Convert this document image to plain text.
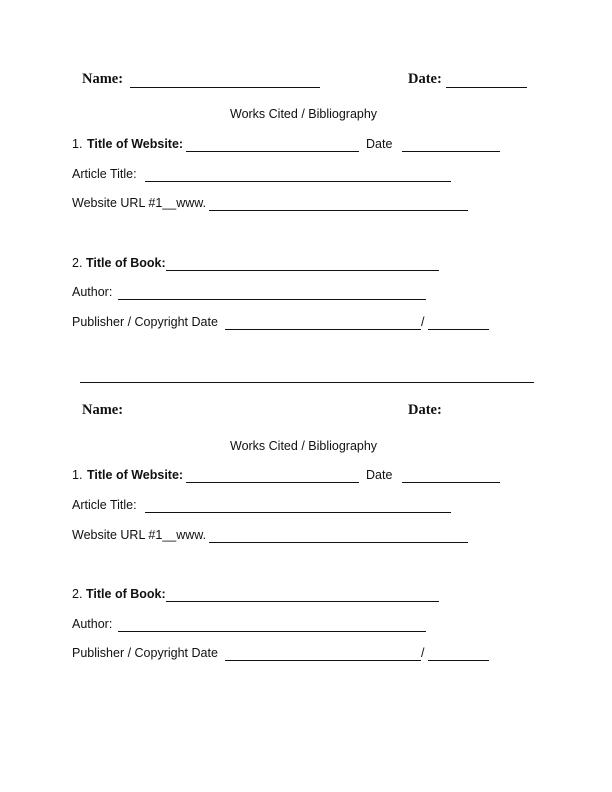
Name:	Date:
Works Cited / Bibliography
1. Title of Website:	Date
Article Title:
Website URL #1__www.
2. Title of Book:
Author:
Publisher / Copyright Date	/
Name:	Date:
Works Cited / Bibliography
1. Title of Website:	Date
Article Title:
Website URL #1__www.
2. Title of Book:
Author:
Publisher / Copyright Date	/
